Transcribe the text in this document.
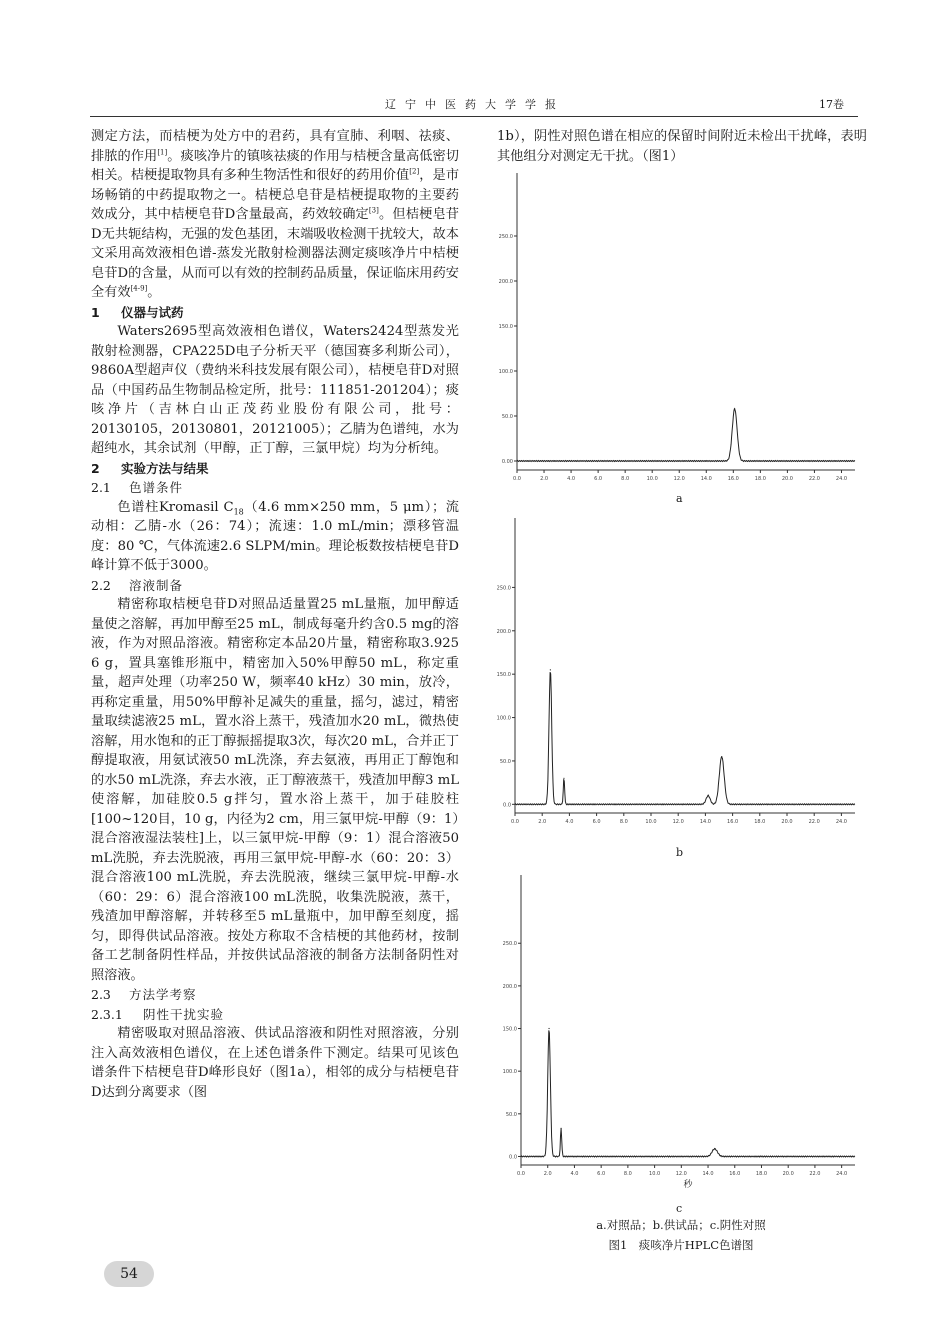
辽宁中医药大学学报	17卷

测定方法，而桔梗为处方中的君药，具有宣肺、利咽、祛痰、排脓的作用[1]。痰咳净片的镇咳祛痰的作用与桔梗含量高低密切相关。桔梗提取物具有多种生物活性和很好的药用价值[2]，是市场畅销的中药提取物之一。桔梗总皂苷是桔梗提取物的主要药效成分，其中桔梗皂苷D含量最高，药效较确定[3]。但桔梗皂苷D无共轭结构，无强的发色基团，末端吸收检测干扰较大，故本文采用高效液相色谱-蒸发光散射检测器法测定痰咳净片中桔梗皂苷D的含量，从而可以有效的控制药品质量，保证临床用药安全有效[4-9]。

1 仪器与试药

Waters2695型高效液相色谱仪，Waters2424型蒸发光散射检测器，CPA225D电子分析天平（德国赛多利斯公司），9860A型超声仪（费纳米科技发展有限公司），桔梗皂苷D对照品（中国药品生物制品检定所，批号：111851-201204）；痰咳净片（吉林白山正茂药业股份有限公司，批号：20130105，20130801，20121005）；乙腈为色谱纯，水为超纯水，其余试剂（甲醇，正丁醇，三氯甲烷）均为分析纯。

2 实验方法与结果

2.1 色谱条件

色谱柱Kromasil $C_{18}(4.6$ mm×250 mm，5 μm）；流动相：乙腈-水（26：74）；流速：1.0 mL/min；漂移管温度：80 ℃，气体流速2.6 SLPM/min。理论板数按桔梗皂苷D峰计算不低于3000。

2.2 溶液制备

精密称取桔梗皂苷D对照品适量置25 mL量瓶，加甲醇适量使之溶解，再加甲醇至25 mL，制成每毫升约含0.5 mg的溶液，作为对照品溶液。精密称定本品20片量，精密称取3.925 6 g，置具塞锥形瓶中，精密加入50%甲醇50 mL，称定重量，超声处理（功率250 W，频率40 kHz）30 min，放冷，再称定重量，用50%甲醇补足减失的重量，摇匀，滤过，精密量取续滤液25 mL，置水浴上蒸干，残渣加水20 mL，微热使溶解，用水饱和的正丁醇振摇提取3次，每次20 mL，合并正丁醇提取液，用氨试液50 mL洗涤，弃去氨液，再用正丁醇饱和的水50 mL洗涤，弃去水液，正丁醇液蒸干，残渣加甲醇3 mL使溶解，加硅胶0.5 g拌匀，置水浴上蒸干，加于硅胶柱[100~120目，10 g，内径为2 cm，用三氯甲烷-甲醇（9：1）混合溶液湿法装柱]上，以三氯甲烷-甲醇（9：1）混合溶液50 mL洗脱，弃去洗脱液，再用三氯甲烷-甲醇-水（60：20：3）混合溶液100 mL洗脱，弃去洗脱液，继续三氯甲烷-甲醇-水（60：29：6）混合溶液100 mL洗脱，收集洗脱液，蒸干，残渣加甲醇溶解，并转移至5 mL量瓶中，加甲醇至刻度，摇匀，即得供试品溶液。按处方称取不含桔梗的其他药材，按制备工艺制备阴性样品，并按供试品溶液的制备方法制备阴性对照溶液。

2.3 方法学考察

2.3.1 阴性干扰实验

精密吸取对照品溶液、供试品溶液和阴性对照溶液，分别注入高效液相色谱仪，在上述色谱条件下测定。结果可见该色谱条件下桔梗皂苷D峰形良好（图1a），相邻的成分与桔梗皂苷D达到分离要求（图

1b），阴性对照色谱在相应的保留时间附近未检出干扰峰，表明其他组分对测定无干扰。（图1）

0.00
50.0
100.0
150.0
200.0
250.0
0.0	2.0	4.0	6.0	8.0	10.0	12.0	14.0	16.0	18.0	20.0	22.0	24.0
a
0.0
50.0
100.0
150.0
200.0
250.0
0.0	2.0	4.0	6.0	8.0	10.0	12.0	14.0	16.0	18.0	20.0	22.0	24.0
b
0.0
50.0
100.0
150.0
200.0
250.0
0.0	2.0	4.0	6.0	8.0	10.0	12.0	14.0	16.0	18.0	20.0	22.0	24.0
秒
c
a.对照品；b.供试品；c.阴性对照
图1　痰咳净片HPLC色谱图
54
